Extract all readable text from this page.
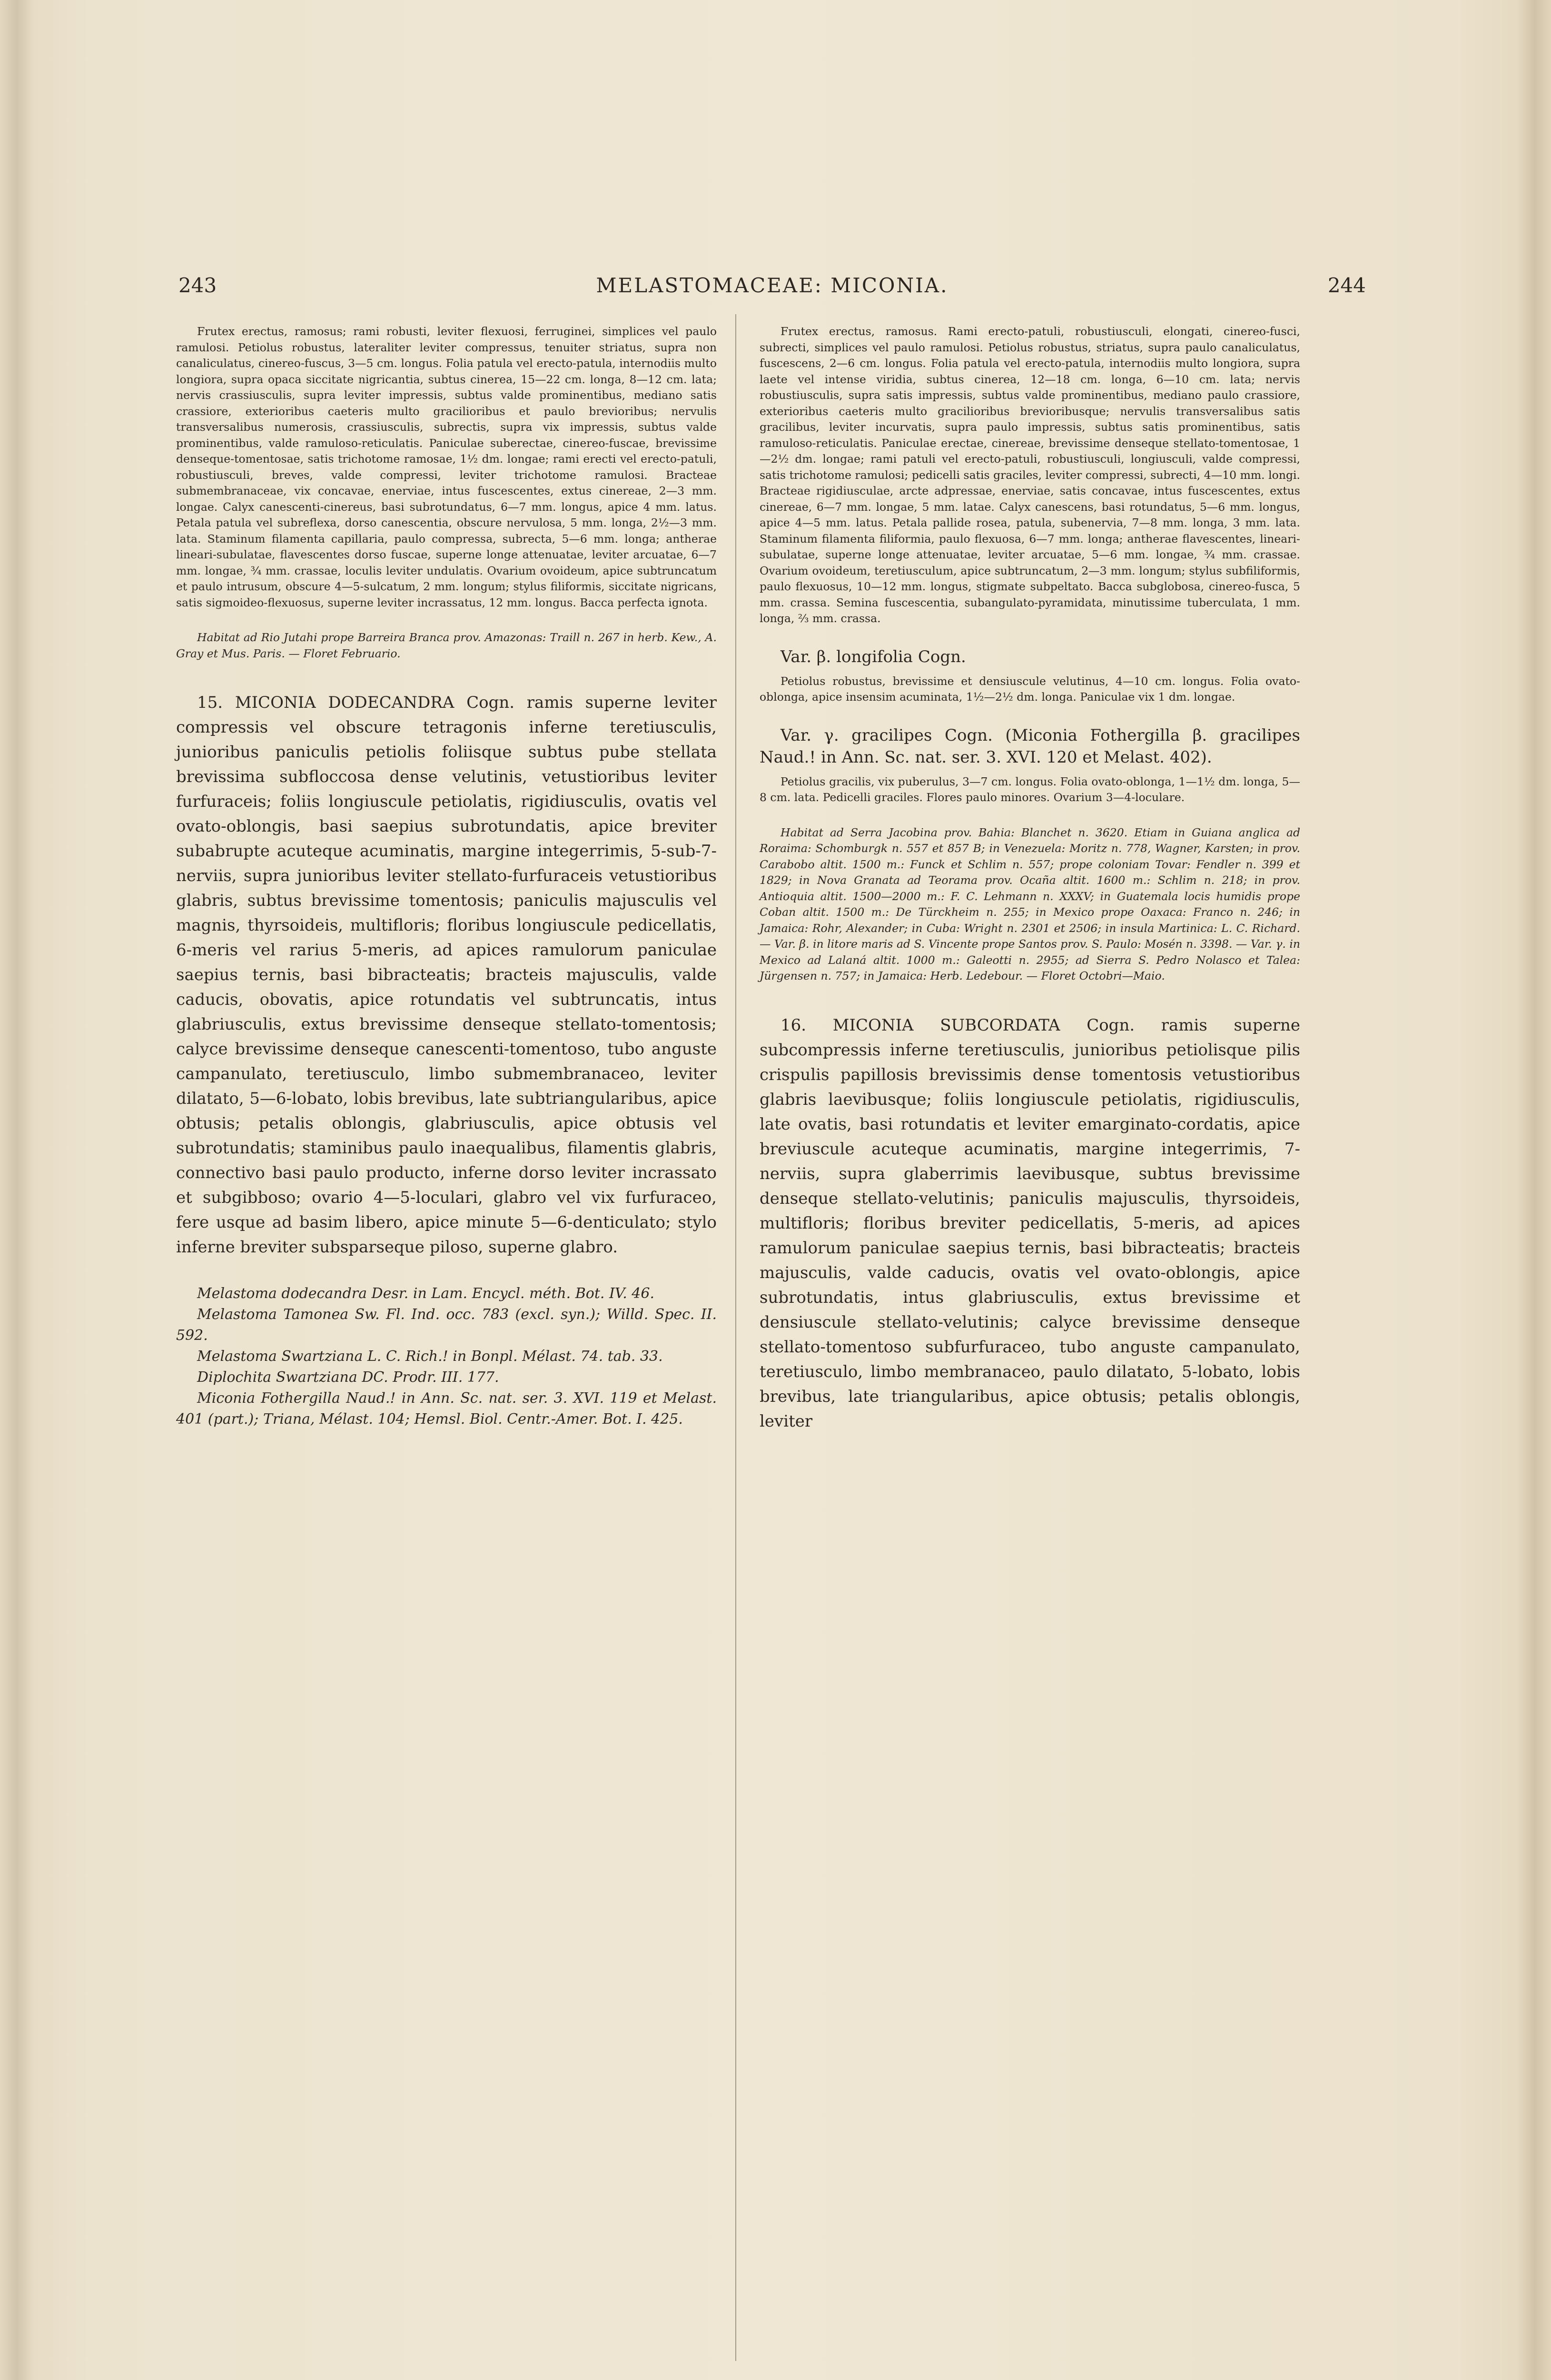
243	MELASTOMACEAE: MICONIA.	244

Frutex erectus, ramosus; rami robusti, leviter flexuosi, ferruginei, simplices vel paulo ramulosi. Petiolus robustus, lateraliter leviter compressus, tenuiter striatus, supra non canaliculatus, cinereo-fuscus, 3—5 cm. longus. Folia patula vel erecto-patula, internodiis multo longiora, supra opaca siccitate nigricantia, subtus cinerea, 15—22 cm. longa, 8—12 cm. lata; nervis crassiusculis, supra leviter impressis, subtus valde prominentibus, mediano satis crassiore, exterioribus caeteris multo gracilioribus et paulo brevioribus; nervulis transversalibus numerosis, crassiusculis, subrectis, supra vix impressis, subtus valde prominentibus, valde ramuloso-reticulatis. Paniculae suberectae, cinereo-fuscae, brevissime denseque-tomentosae, satis trichotome ramosae, 1½ dm. longae; rami erecti vel erecto-patuli, robustiusculi, breves, valde compressi, leviter trichotome ramulosi. Bracteae submembranaceae, vix concavae, enerviae, intus fuscescentes, extus cinereae, 2—3 mm. longae. Calyx canescenti-cinereus, basi subrotundatus, 6—7 mm. longus, apice 4 mm. latus. Petala patula vel subreflexa, dorso canescentia, obscure nervulosa, 5 mm. longa, 2½—3 mm. lata. Staminum filamenta capillaria, paulo compressa, subrecta, 5—6 mm. longa; antherae lineari-subulatae, flavescentes dorso fuscae, superne longe attenuatae, leviter arcuatae, 6—7 mm. longae, ¾ mm. crassae, loculis leviter undulatis. Ovarium ovoideum, apice subtruncatum et paulo intrusum, obscure 4—5-sulcatum, 2 mm. longum; stylus filiformis, siccitate nigricans, satis sigmoideo-flexuosus, superne leviter incrassatus, 12 mm. longus. Bacca perfecta ignota.

Habitat ad Rio Jutahi prope Barreira Branca prov. Amazonas: Traill n. 267 in herb. Kew., A. Gray et Mus. Paris. — Floret Februario.

15. MICONIA DODECANDRA Cogn. ramis superne leviter compressis vel obscure tetragonis inferne teretiusculis, junioribus paniculis petiolis foliisque subtus pube stellata brevissima subfloccosa dense velutinis, vetustioribus leviter furfuraceis; foliis longiuscule petiolatis, rigidiusculis, ovatis vel ovato-oblongis, basi saepius subrotundatis, apice breviter subabrupte acuteque acuminatis, margine integerrimis, 5-sub-7-nerviis, supra junioribus leviter stellato-furfuraceis vetustioribus glabris, subtus brevissime tomentosis; paniculis majusculis vel magnis, thyrsoideis, multifloris; floribus longiuscule pedicellatis, 6-meris vel rarius 5-meris, ad apices ramulorum paniculae saepius ternis, basi bibracteatis; bracteis majusculis, valde caducis, obovatis, apice rotundatis vel subtruncatis, intus glabriusculis, extus brevissime denseque stellato-tomentosis; calyce brevissime denseque canescenti-tomentoso, tubo anguste campanulato, teretiusculo, limbo submembranaceo, leviter dilatato, 5—6-lobato, lobis brevibus, late subtriangularibus, apice obtusis; petalis oblongis, glabriusculis, apice obtusis vel subrotundatis; staminibus paulo inaequalibus, filamentis glabris, connectivo basi paulo producto, inferne dorso leviter incrassato et subgibboso; ovario 4—5-loculari, glabro vel vix furfuraceo, fere usque ad basim libero, apice minute 5—6-denticulato; stylo inferne breviter subsparseque piloso, superne glabro.

Melastoma dodecandra Desr. in Lam. Encycl. méth. Bot. IV. 46.

Melastoma Tamonea Sw. Fl. Ind. occ. 783 (excl. syn.); Willd. Spec. II. 592.

Melastoma Swartziana L. C. Rich.! in Bonpl. Mélast. 74. tab. 33.

Diplochita Swartziana DC. Prodr. III. 177.

Miconia Fothergilla Naud.! in Ann. Sc. nat. ser. 3. XVI. 119 et Melast. 401 (part.); Triana, Mélast. 104; Hemsl. Biol. Centr.-Amer. Bot. I. 425.

Frutex erectus, ramosus. Rami erecto-patuli, robustiusculi, elongati, cinereo-fusci, subrecti, simplices vel paulo ramulosi. Petiolus robustus, striatus, supra paulo canaliculatus, fuscescens, 2—6 cm. longus. Folia patula vel erecto-patula, internodiis multo longiora, supra laete vel intense viridia, subtus cinerea, 12—18 cm. longa, 6—10 cm. lata; nervis robustiusculis, supra satis impressis, subtus valde prominentibus, mediano paulo crassiore, exterioribus caeteris multo gracilioribus brevioribusque; nervulis transversalibus satis gracilibus, leviter incurvatis, supra paulo impressis, subtus satis prominentibus, satis ramuloso-reticulatis. Paniculae erectae, cinereae, brevissime denseque stellato-tomentosae, 1—2½ dm. longae; rami patuli vel erecto-patuli, robustiusculi, longiusculi, valde compressi, satis trichotome ramulosi; pedicelli satis graciles, leviter compressi, subrecti, 4—10 mm. longi. Bracteae rigidiusculae, arcte adpressae, enerviae, satis concavae, intus fuscescentes, extus cinereae, 6—7 mm. longae, 5 mm. latae. Calyx canescens, basi rotundatus, 5—6 mm. longus, apice 4—5 mm. latus. Petala pallide rosea, patula, subenervia, 7—8 mm. longa, 3 mm. lata. Staminum filamenta filiformia, paulo flexuosa, 6—7 mm. longa; antherae flavescentes, lineari-subulatae, superne longe attenuatae, leviter arcuatae, 5—6 mm. longae, ¾ mm. crassae. Ovarium ovoideum, teretiusculum, apice subtruncatum, 2—3 mm. longum; stylus subfiliformis, paulo flexuosus, 10—12 mm. longus, stigmate subpeltato. Bacca subglobosa, cinereo-fusca, 5 mm. crassa. Semina fuscescentia, subangulato-pyramidata, minutissime tuberculata, 1 mm. longa, ⅔ mm. crassa.

Var. β. longifolia Cogn.

Petiolus robustus, brevissime et densiuscule velutinus, 4—10 cm. longus. Folia ovato-oblonga, apice insensim acuminata, 1½—2½ dm. longa. Paniculae vix 1 dm. longae.

Var. γ. gracilipes Cogn. (Miconia Fothergilla β. gracilipes Naud.! in Ann. Sc. nat. ser. 3. XVI. 120 et Melast. 402).

Petiolus gracilis, vix puberulus, 3—7 cm. longus. Folia ovato-oblonga, 1—1½ dm. longa, 5—8 cm. lata. Pedicelli graciles. Flores paulo minores. Ovarium 3—4-loculare.

Habitat ad Serra Jacobina prov. Bahia: Blanchet n. 3620. Etiam in Guiana anglica ad Roraima: Schomburgk n. 557 et 857 B; in Venezuela: Moritz n. 778, Wagner, Karsten; in prov. Carabobo altit. 1500 m.: Funck et Schlim n. 557; prope coloniam Tovar: Fendler n. 399 et 1829; in Nova Granata ad Teorama prov. Ocaña altit. 1600 m.: Schlim n. 218; in prov. Antioquia altit. 1500—2000 m.: F. C. Lehmann n. XXXV; in Guatemala locis humidis prope Coban altit. 1500 m.: De Türckheim n. 255; in Mexico prope Oaxaca: Franco n. 246; in Jamaica: Rohr, Alexander; in Cuba: Wright n. 2301 et 2506; in insula Martinica: L. C. Richard. — Var. β. in litore maris ad S. Vincente prope Santos prov. S. Paulo: Mosén n. 3398. — Var. γ. in Mexico ad Lalaná altit. 1000 m.: Galeotti n. 2955; ad Sierra S. Pedro Nolasco et Talea: Jürgensen n. 757; in Jamaica: Herb. Ledebour. — Floret Octobri—Maio.

16. MICONIA SUBCORDATA Cogn. ramis superne subcompressis inferne teretiusculis, junioribus petiolisque pilis crispulis papillosis brevissimis dense tomentosis vetustioribus glabris laevibusque; foliis longiuscule petiolatis, rigidiusculis, late ovatis, basi rotundatis et leviter emarginato-cordatis, apice breviuscule acuteque acuminatis, margine integerrimis, 7-nerviis, supra glaberrimis laevibusque, subtus brevissime denseque stellato-velutinis; paniculis majusculis, thyrsoideis, multifloris; floribus breviter pedicellatis, 5-meris, ad apices ramulorum paniculae saepius ternis, basi bibracteatis; bracteis majusculis, valde caducis, ovatis vel ovato-oblongis, apice subrotundatis, intus glabriusculis, extus brevissime et densiuscule stellato-velutinis; calyce brevissime denseque stellato-tomentoso subfurfuraceo, tubo anguste campanulato, teretiusculo, limbo membranaceo, paulo dilatato, 5-lobato, lobis brevibus, late triangularibus, apice obtusis; petalis oblongis, leviter
